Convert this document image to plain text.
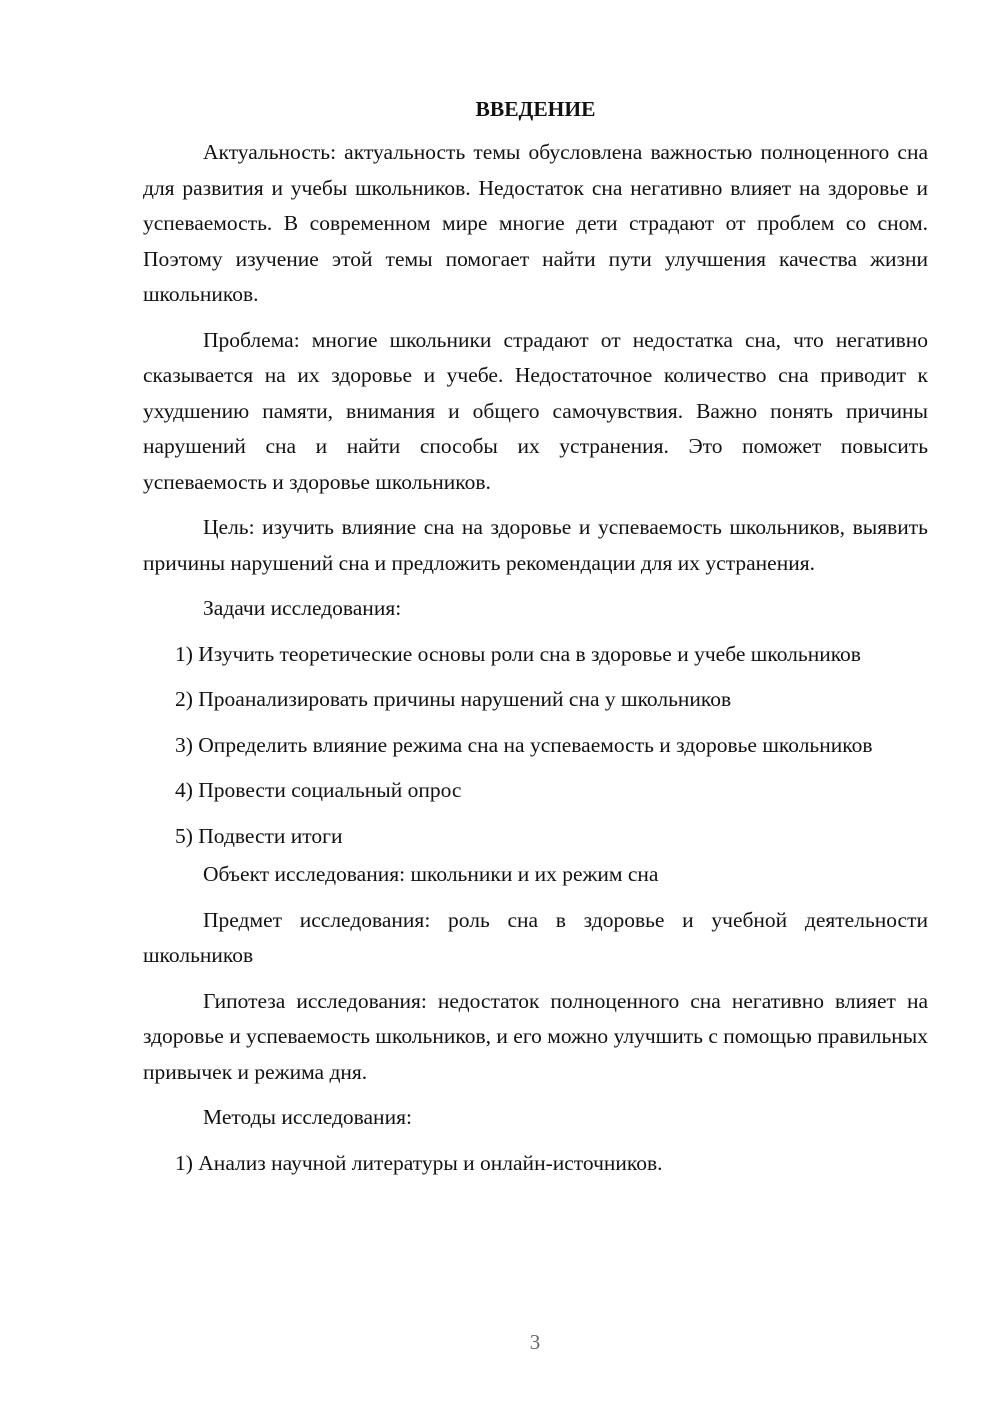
ВВЕДЕНИЕ

Актуальность: актуальность темы обусловлена важностью полноценного сна для развития и учебы школьников. Недостаток сна негативно влияет на здоровье и успеваемость. В современном мире многие дети страдают от проблем со сном. Поэтому изучение этой темы помогает найти пути улучшения качества жизни школьников.

Проблема: многие школьники страдают от недостатка сна, что негативно сказывается на их здоровье и учебе. Недостаточное количество сна приводит к ухудшению памяти, внимания и общего самочувствия. Важно понять причины нарушений сна и найти способы их устранения. Это поможет повысить успеваемость и здоровье школьников.

Цель: изучить влияние сна на здоровье и успеваемость школьников, выявить причины нарушений сна и предложить рекомендации для их устранения.

Задачи исследования:

1) Изучить теоретические основы роли сна в здоровье и учебе школьников

2) Проанализировать причины нарушений сна у школьников

3) Определить влияние режима сна на успеваемость и здоровье школьников

4) Провести социальный опрос

5) Подвести итоги

Объект исследования: школьники и их режим сна

Предмет исследования: роль сна в здоровье и учебной деятельности школьников

Гипотеза исследования: недостаток полноценного сна негативно влияет на здоровье и успеваемость школьников, и его можно улучшить с помощью правильных привычек и режима дня.

Методы исследования:

1) Анализ научной литературы и онлайн-источников.

3
